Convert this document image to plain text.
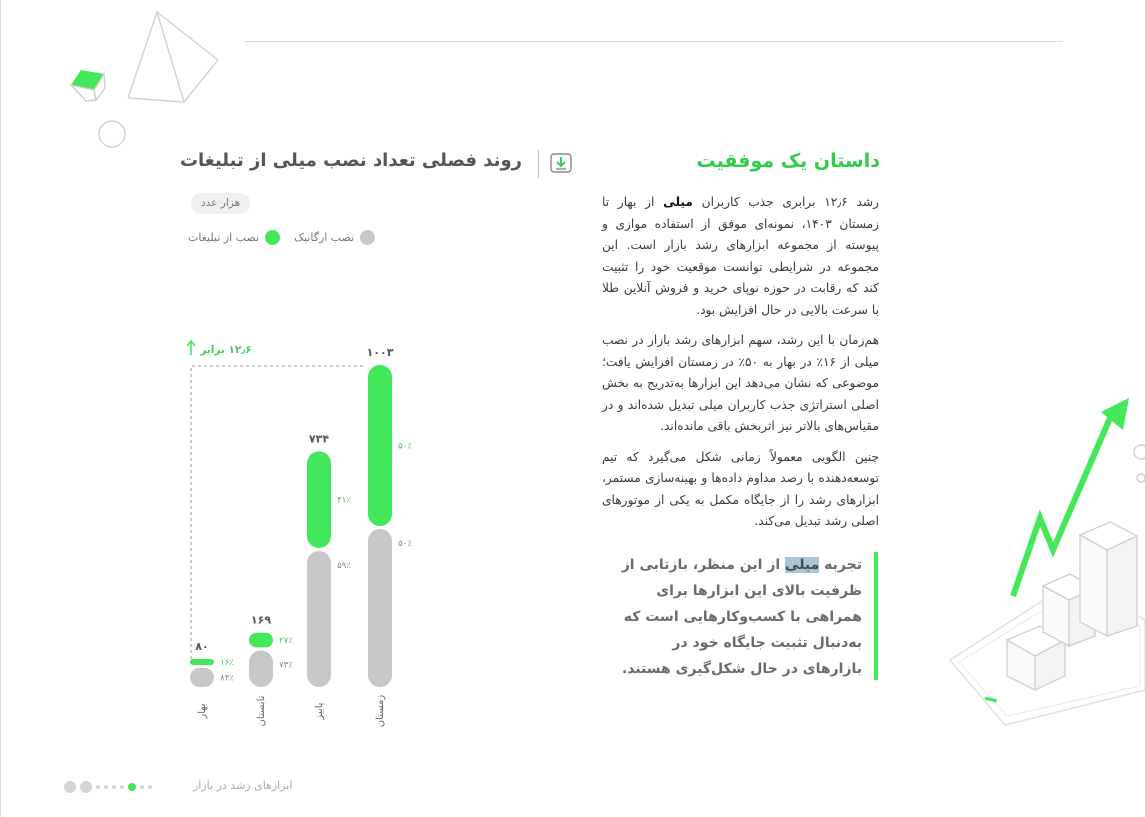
داستان یک موفقیت

رشد ۱۲٫۶ برابری جذب کاربران میلی از بهار تا زمستان ۱۴۰۳، نمونه‌ای موفق از استفاده موازی و پیوسته از مجموعه ابزارهای رشد بازار است. این مجموعه در شرایطی توانست موقعیت خود را تثبیت کند که رقابت در حوزه نوپای خرید و فروش آنلاین طلا با سرعت بالایی در حال افزایش بود.

هم‌زمان با این رشد، سهم ابزارهای رشد بازار در نصب میلی از ۱۶٪ در بهار به ۵۰٪ در زمستان افزایش یافت؛ موضوعی که نشان می‌دهد این ابزارها به‌تدریج به بخش اصلی استراتژی جذب کاربران میلی تبدیل شده‌اند و در مقیاس‌های بالاتر نیز اثربخش باقی مانده‌اند.

چنین الگویی معمولاً زمانی شکل می‌گیرد که تیم توسعه‌دهنده با رصد مداوم داده‌ها و بهینه‌سازی مستمر، ابزارهای رشد را از جایگاه مکمل به یکی از موتورهای اصلی رشد تبدیل می‌کند.

تجربه میلی از این منظر، بازتابی از ظرفیت بالای این ابزارها برای همراهی با کسب‌وکارهایی است که به‌دنبال تثبیت جایگاه خود در بازارهای در حال شکل‌گیری هستند.
روند فصلی تعداد نصب میلی از تبلیغات
هزار عدد
نصب ارگانیک
نصب از تبلیغات
۸۰
۱۶٪
۸۴٪
بهار
۱۶۹
۲۷٪
۷۳٪
تابستان
۷۳۴
۴۱٪
۵۹٪
پاییز
۱۰۰۳
۵۰٪
۵۰٪
زمستان
۱۲٫۶ برابر
ابزارهای رشد در بازار
